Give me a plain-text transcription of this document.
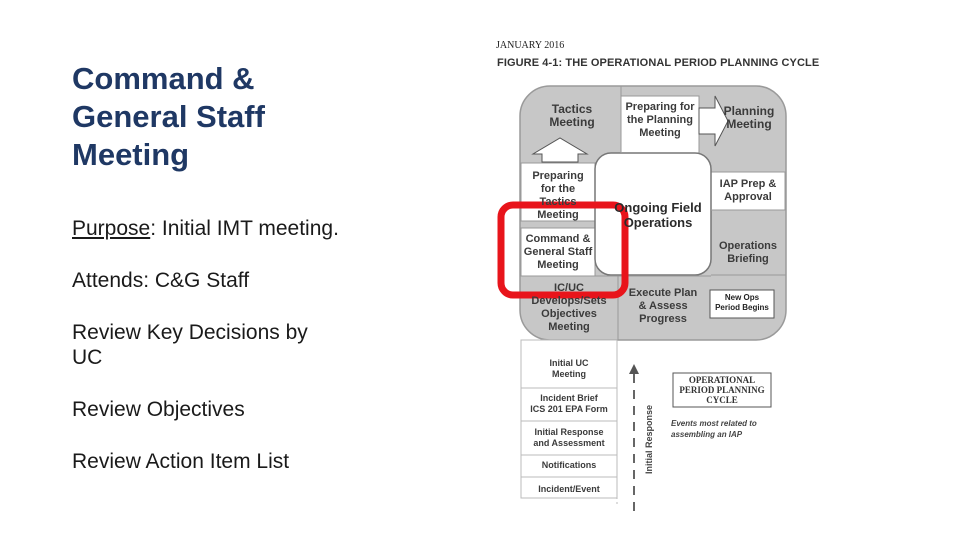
Command &
General Staff
Meeting
Purpose: Initial IMT meeting.
Attends: C&G Staff
Review Key Decisions by
UC
Review Objectives
Review Action Item List
JANUARY 2016
FIGURE 4-1: THE OPERATIONAL PERIOD PLANNING CYCLE
Tactics
Meeting
Preparing for
the Planning
Meeting
Planning
Meeting
Preparing
for the
Tactics
Meeting	Ongoing Field
Operations
IAP Prep &
Approval
Command &
General Staff
Meeting
Operations
Briefing
IC/UC
Develops/Sets
Objectives
Meeting
Execute Plan
& Assess
Progress
New Ops
Period Begins
Initial UC
Meeting
Incident Brief
ICS 201 EPA Form
Initial Response
and Assessment
Notifications
Incident/Event
Initial Response
OPERATIONAL
PERIOD PLANNING
CYCLE
Events most related to
assembling an IAP
